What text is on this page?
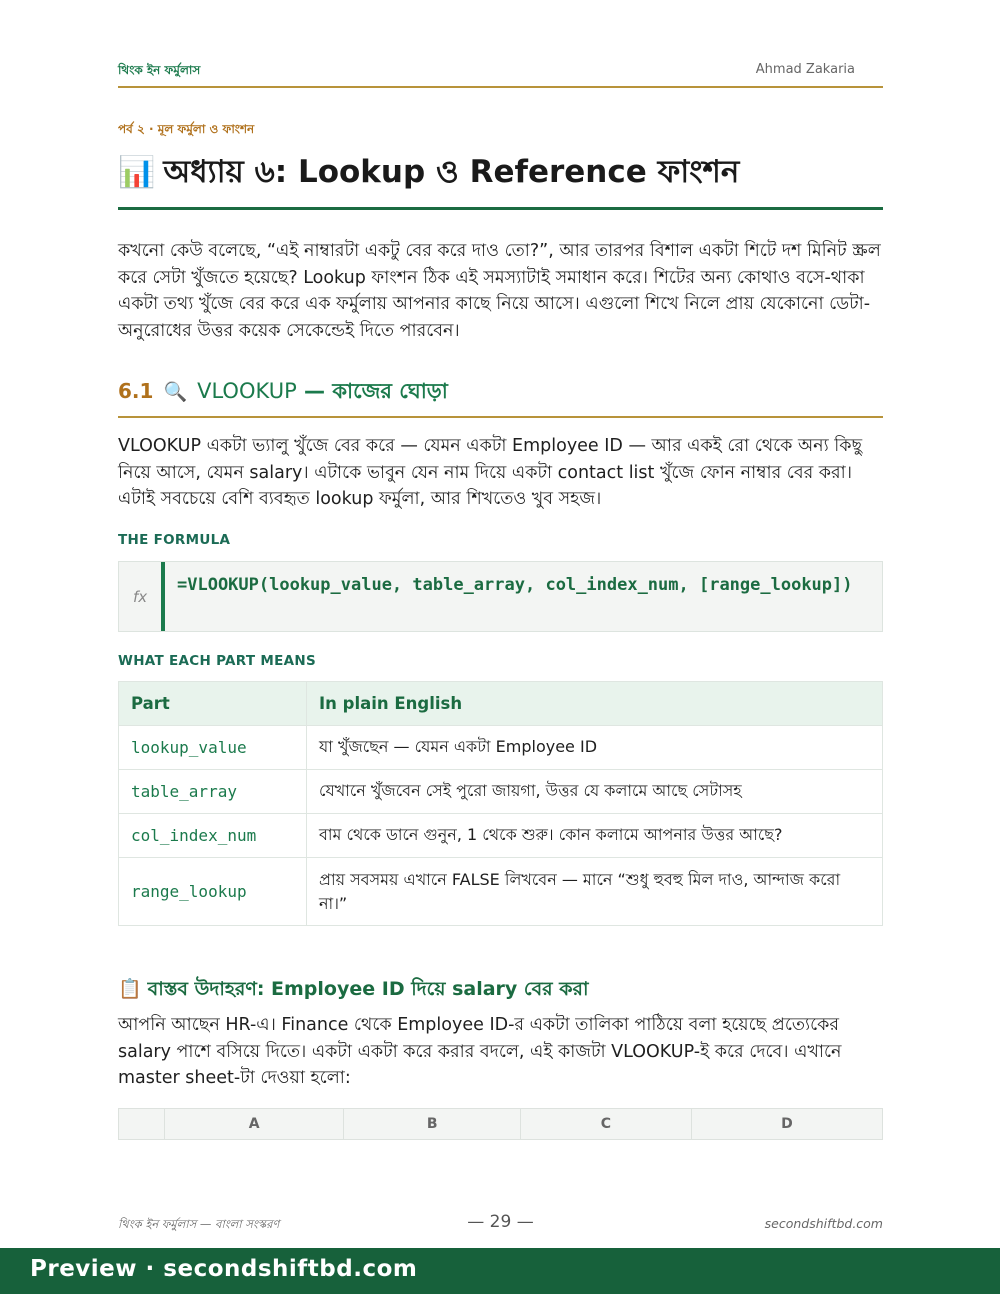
থিংক ইন ফর্মুলাস	Ahmad Zakaria
পর্ব ২ · মূল ফর্মুলা ও ফাংশন
📊 অধ্যায় ৬: Lookup ও Reference ফাংশন

কখনো কেউ বলেছে, “এই নাম্বারটা একটু বের করে দাও তো?”, আর তারপর বিশাল একটা শিটে দশ মিনিট স্ক্রল করে সেটা খুঁজতে হয়েছে? Lookup ফাংশন ঠিক এই সমস্যাটাই সমাধান করে। শিটের অন্য কোথাও বসে-থাকা একটা তথ্য খুঁজে বের করে এক ফর্মুলায় আপনার কাছে নিয়ে আসে। এগুলো শিখে নিলে প্রায় যেকোনো ডেটা-অনুরোধের উত্তর কয়েক সেকেন্ডেই দিতে পারবেন।

6.1 🔍 VLOOKUP — কাজের ঘোড়া

VLOOKUP একটা ভ্যালু খুঁজে বের করে — যেমন একটা Employee ID — আর একই রো থেকে অন্য কিছু নিয়ে আসে, যেমন salary। এটাকে ভাবুন যেন নাম দিয়ে একটা contact list খুঁজে ফোন নাম্বার বের করা। এটাই সবচেয়ে বেশি ব্যবহৃত lookup ফর্মুলা, আর শিখতেও খুব সহজ।

THE FORMULA
fx
=VLOOKUP(lookup_value, table_array, col_index_num, [range_lookup])
WHAT EACH PART MEANS
Part	In plain English
lookup_value	যা খুঁজছেন — যেমন একটা Employee ID
table_array	যেখানে খুঁজবেন সেই পুরো জায়গা, উত্তর যে কলামে আছে সেটাসহ
col_index_num	বাম থেকে ডানে গুনুন, 1 থেকে শুরু। কোন কলামে আপনার উত্তর আছে?
range_lookup	প্রায় সবসময় এখানে FALSE লিখবেন — মানে “শুধু হুবহু মিল দাও, আন্দাজ করো না।”
📋 বাস্তব উদাহরণ: Employee ID দিয়ে salary বের করা

আপনি আছেন HR-এ। Finance থেকে Employee ID-র একটা তালিকা পাঠিয়ে বলা হয়েছে প্রত্যেকের salary পাশে বসিয়ে দিতে। একটা একটা করে করার বদলে, এই কাজটা VLOOKUP-ই করে দেবে। এখানে master sheet-টা দেওয়া হলো:

	A	B	C	D
থিংক ইন ফর্মুলাস — বাংলা সংস্করণ	— 29 —	secondshiftbd.com
Preview · secondshiftbd.com
